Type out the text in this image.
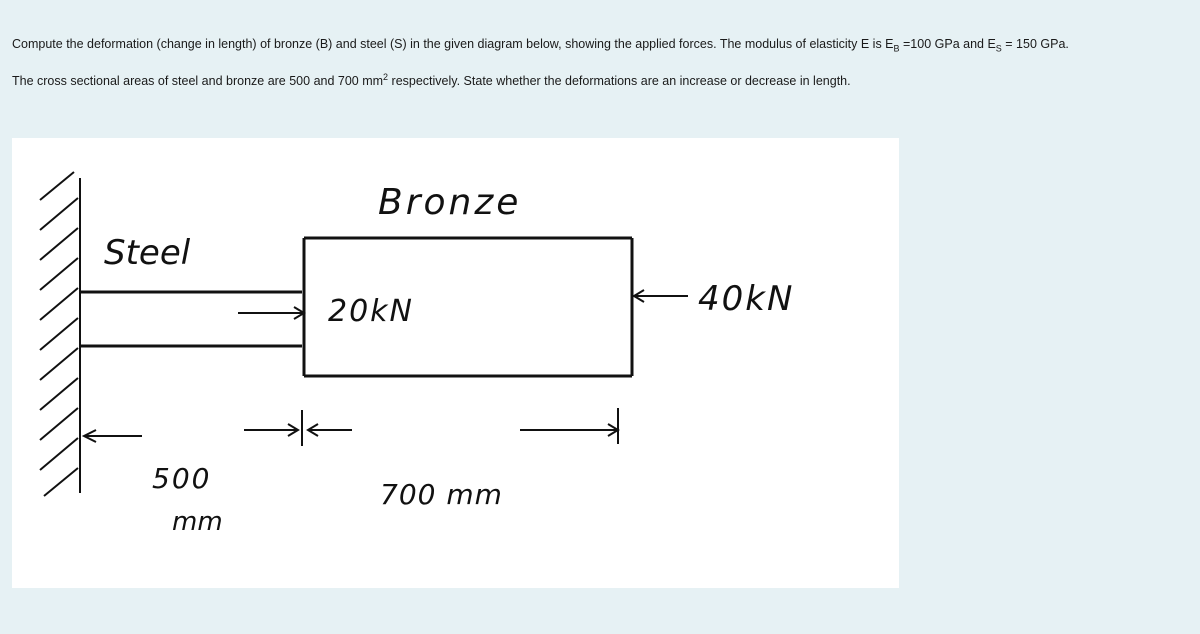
Compute the deformation (change in length) of bronze (B) and steel (S) in the given diagram below, showing the applied forces. The modulus of elasticity E is $E_B =100$ GPa and $E_S = 150$ GPa.
The cross sectional areas of steel and bronze are 500 and 700 $mm^2$ respectively. State whether the deformations are an increase or decrease in length.
Steel
Bronze
20kN	40kN
500
mm
700 mm
